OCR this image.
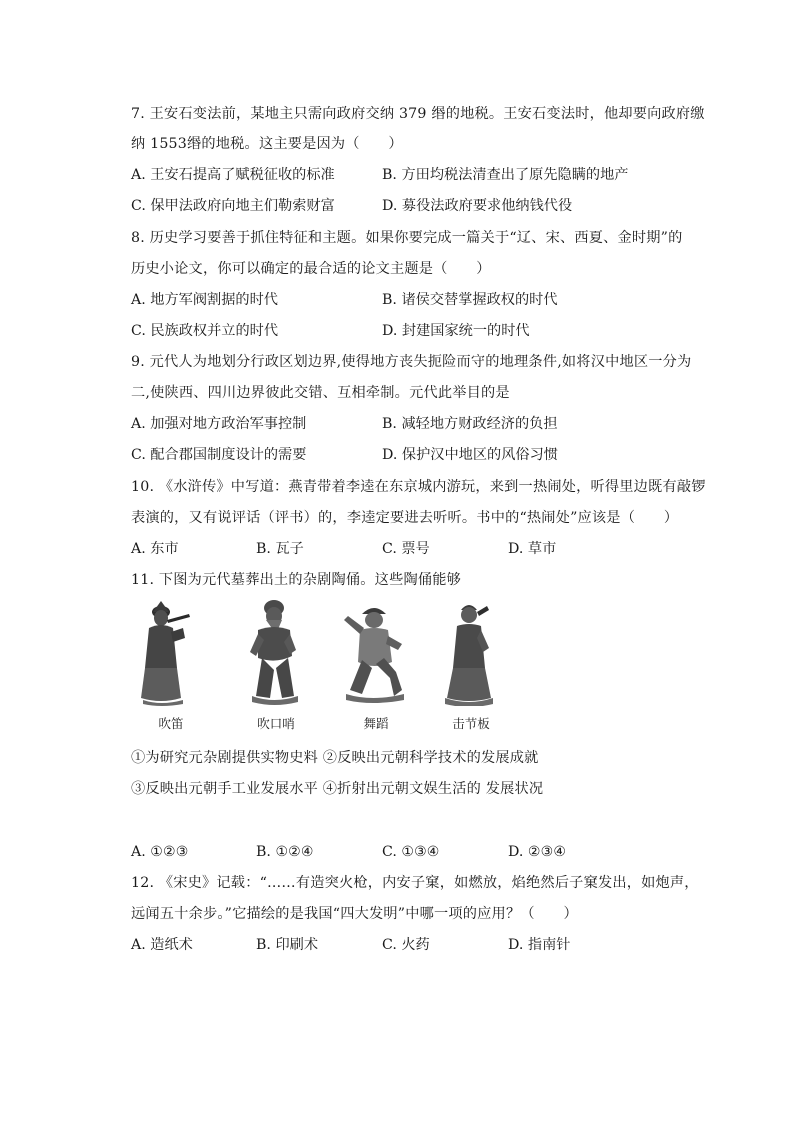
7. 王安石变法前，某地主只需向政府交纳 379 缗的地税。王安石变法时，他却要向政府缴
纳 1553缗的地税。这主要是因为（　　）
A. 王安石提高了赋税征收的标准	B. 方田均税法清查出了原先隐瞒的地产
C. 保甲法政府向地主们勒索财富	D. 募役法政府要求他纳钱代役
8. 历史学习要善于抓住特征和主题。如果你要完成一篇关于“辽、宋、西夏、金时期”的
历史小论文，你可以确定的最合适的论文主题是（　　）
A. 地方军阀割据的时代	B. 诸侯交替掌握政权的时代
C. 民族政权并立的时代	D. 封建国家统一的时代
9. 元代人为地划分行政区划边界,使得地方丧失扼险而守的地理条件,如将汉中地区一分为
二,使陕西、四川边界彼此交错、互相牵制。元代此举目的是
A. 加强对地方政治军事控制	B. 减轻地方财政经济的负担
C. 配合郡国制度设计的需要	D. 保护汉中地区的风俗习惯
10. 《水浒传》中写道：燕青带着李逵在东京城内游玩，来到一热闹处，听得里边既有敲锣
表演的，又有说评话（评书）的，李逵定要进去听听。书中的“热闹处”应该是（　　）
A. 东市	B. 瓦子	C. 票号	D. 草市
11. 下图为元代墓葬出土的杂剧陶俑。这些陶俑能够
吹笛	吹口哨	舞蹈	击节板
①为研究元杂剧提供实物史料 ②反映出元朝科学技术的发展成就
③反映出元朝手工业发展水平 ④折射出元朝文娱生活的 发展状况
A. ①②③	B. ①②④	C. ①③④	D. ②③④
12. 《宋史》记载：“……有造突火枪，内安子窠，如燃放，焰绝然后子窠发出，如炮声，
远闻五十余步。”它描绘的是我国“四大发明”中哪一项的应用？（　　）
A. 造纸术	B. 印刷术	C. 火药	D. 指南针
